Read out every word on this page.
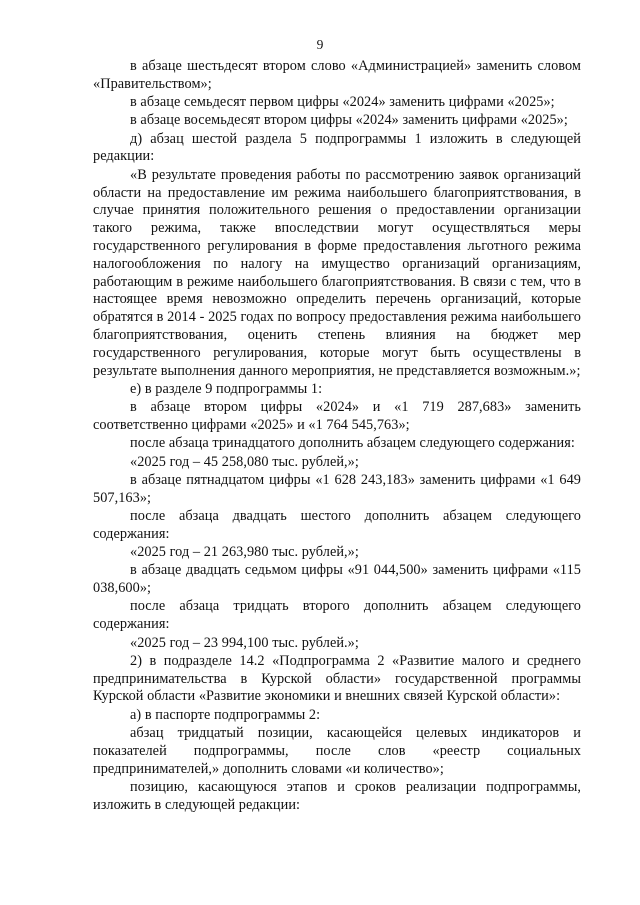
9

в абзаце шестьдесят втором слово «Администрацией» заменить словом «Правительством»;

в абзаце семьдесят первом цифры «2024» заменить цифрами «2025»;

в абзаце восемьдесят втором цифры «2024» заменить цифрами «2025»;

д) абзац шестой раздела 5 подпрограммы 1 изложить в следующей редакции:

«В результате проведения работы по рассмотрению заявок организаций области на предоставление им режима наибольшего благоприятствования, в случае принятия положительного решения о предоставлении организации такого режима, также впоследствии могут осуществляться меры государственного регулирования в форме предоставления льготного режима налогообложения по налогу на имущество организаций организациям, работающим в режиме наибольшего благоприятствования. В связи с тем, что в настоящее время невозможно определить перечень организаций, которые обратятся в 2014 - 2025 годах по вопросу предоставления режима наибольшего благоприятствования, оценить степень влияния на бюджет мер государственного регулирования, которые могут быть осуществлены в результате выполнения данного мероприятия, не представляется возможным.»;

е) в разделе 9 подпрограммы 1:

в абзаце втором цифры «2024» и «1 719 287,683» заменить соответственно цифрами «2025» и «1 764 545,763»;

после абзаца тринадцатого дополнить абзацем следующего содержания:

«2025 год – 45 258,080 тыс. рублей,»;

в абзаце пятнадцатом цифры «1 628 243,183» заменить цифрами «1 649 507,163»;

после абзаца двадцать шестого дополнить абзацем следующего содержания:

«2025 год – 21 263,980 тыс. рублей,»;

в абзаце двадцать седьмом цифры «91 044,500» заменить цифрами «115 038,600»;

после абзаца тридцать второго дополнить абзацем следующего содержания:

«2025 год – 23 994,100 тыс. рублей.»;

2) в подразделе 14.2 «Подпрограмма 2 «Развитие малого и среднего предпринимательства в Курской области» государственной программы Курской области «Развитие экономики и внешних связей Курской области»:

а) в паспорте подпрограммы 2:

абзац тридцатый позиции, касающейся целевых индикаторов и показателей подпрограммы, после слов «реестр социальных предпринимателей,» дополнить словами «и количество»;

позицию, касающуюся этапов и сроков реализации подпрограммы, изложить в следующей редакции:
